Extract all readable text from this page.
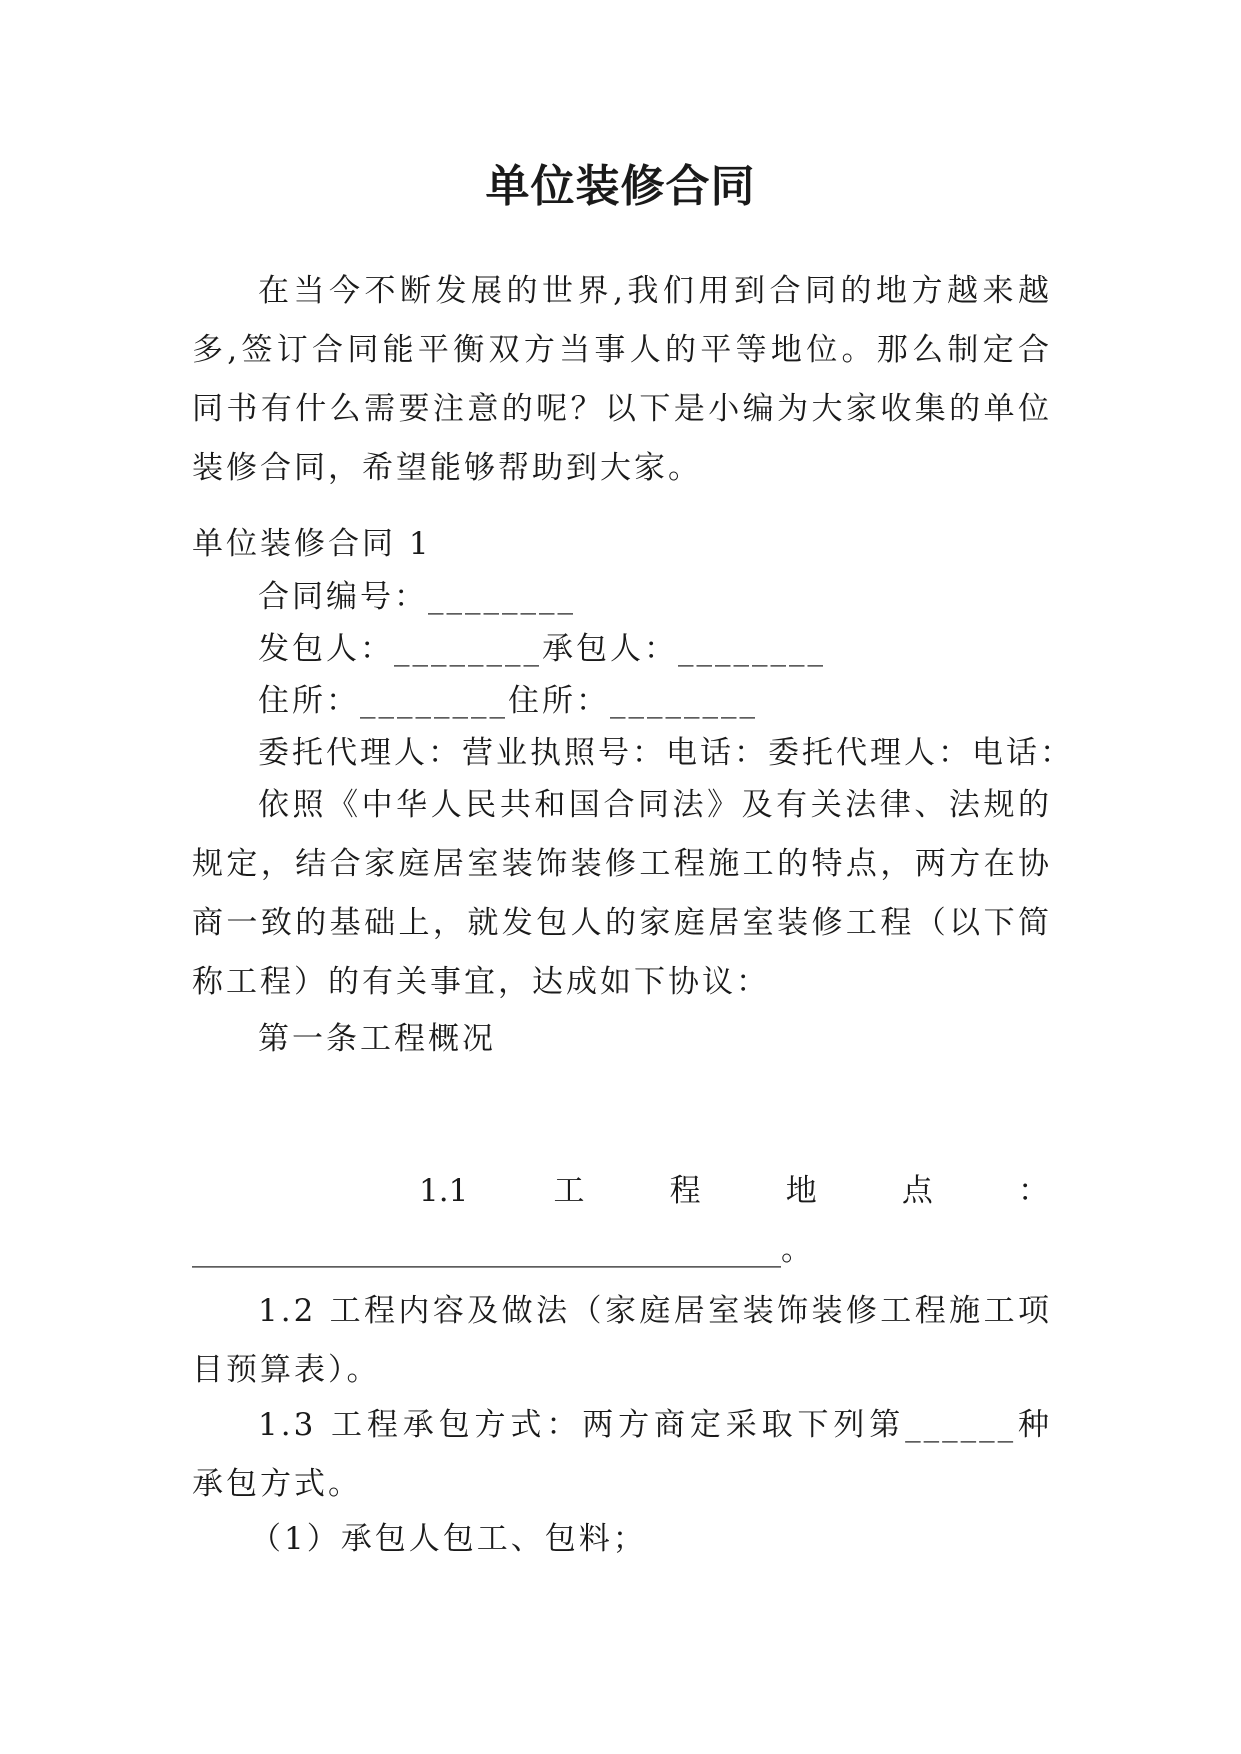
单位装修合同
在当今不断发展的世界,我们用到合同的地方越来越多,签订合同能平衡双方当事人的平等地位。那么制定合同书有什么需要注意的呢？以下是小编为大家收集的单位装修合同，希望能够帮助到大家。
单位装修合同 1
合同编号：________
发包人：________承包人：________
住所：________住所：________
委托代理人：营业执照号：电话：委托代理人：电话：
依照《中华人民共和国合同法》及有关法律、法规的规定，结合家庭居室装饰装修工程施工的特点，两方在协商一致的基础上，就发包人的家庭居室装修工程（以下简称工程）的有关事宜，达成如下协议：
第一条工程概况
1.1	工	程	地	点	：
______________________________________。
1.2 工程内容及做法（家庭居室装饰装修工程施工项目预算表）。
1.3 工程承包方式：两方商定采取下列第______种承包方式。
（1）承包人包工、包料；
